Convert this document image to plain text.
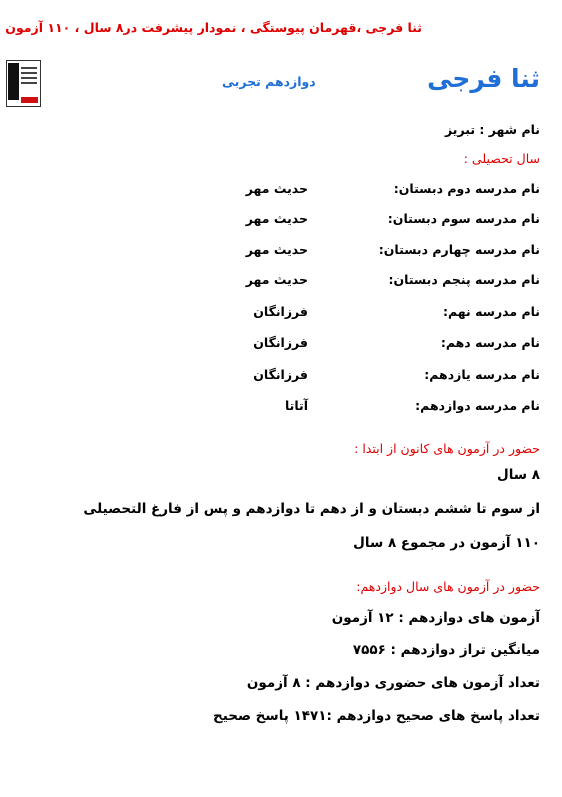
ثنا فرجی ،قهرمان پیوستگی ، نمودار پیشرفت در۸ سال ، ۱۱۰ آزمون
ثنا فرجی
دوازدهم تجربی
نام شهر : تبریز
سال تحصیلی :
نام مدرسه دوم دبستان:
حدیث مهر
نام مدرسه سوم دبستان:
حدیث مهر
نام مدرسه چهارم دبستان:
حدیث مهر
نام مدرسه پنجم دبستان:
حدیث مهر
نام مدرسه نهم:
فرزانگان
نام مدرسه دهم:
فرزانگان
نام مدرسه یازدهم:
فرزانگان
نام مدرسه دوازدهم:
آتاتا
حضور در آزمون های کانون از ابتدا :
۸ سال
از سوم تا ششم دبستان و از دهم تا دوازدهم و پس از فارغ التحصیلی
۱۱۰ آزمون در مجموع ۸ سال
حضور در آزمون های سال دوازدهم:
آزمون های دوازدهم : ۱۲ آزمون
میانگین تراز دوازدهم : ۷۵۵۶
تعداد آزمون های حضوری دوازدهم : ۸ آزمون
تعداد پاسخ های صحیح دوازدهم :۱۴۷۱ پاسخ صحیح
